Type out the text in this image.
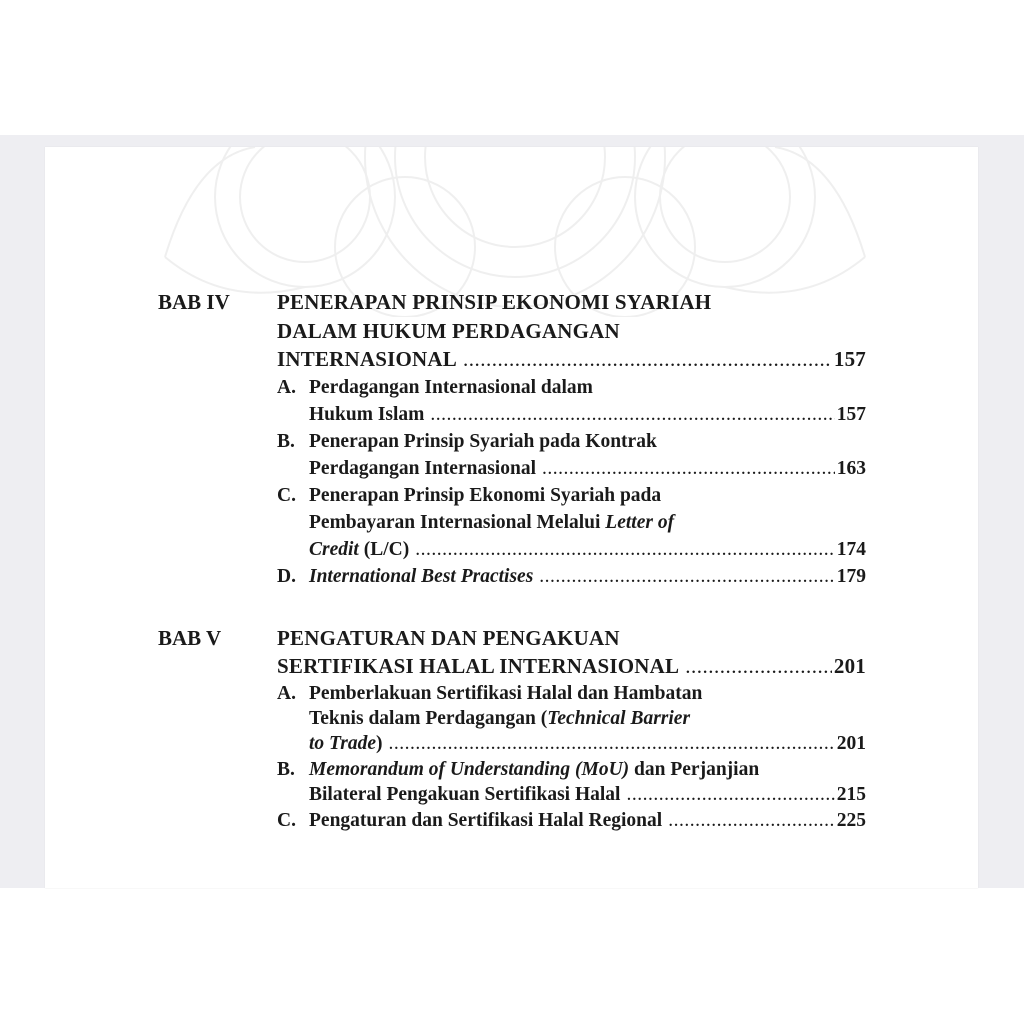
BAB IV PENERAPAN PRINSIP EKONOMI SYARIAH
DALAM HUKUM PERDAGANGAN
INTERNASIONAL .....	157
A. Perdagangan Internasional dalam
Hukum Islam .....	157
B. Penerapan Prinsip Syariah pada Kontrak
Perdagangan Internasional .....	163
C. Penerapan Prinsip Ekonomi Syariah pada
Pembayaran Internasional Melalui Letter of
Credit (L/C) .....	174
D. International Best Practises .....	179
BAB V	PENGATURAN DAN PENGAKUAN
SERTIFIKASI HALAL INTERNASIONAL .....	201
A. Pemberlakuan Sertifikasi Halal dan Hambatan
Teknis dalam Perdagangan (Technical Barrier
to Trade) .....	201
B. Memorandum of Understanding (MoU) dan Perjanjian
Bilateral Pengakuan Sertifikasi Halal .....	215
C. Pengaturan dan Sertifikasi Halal Regional .....	225
